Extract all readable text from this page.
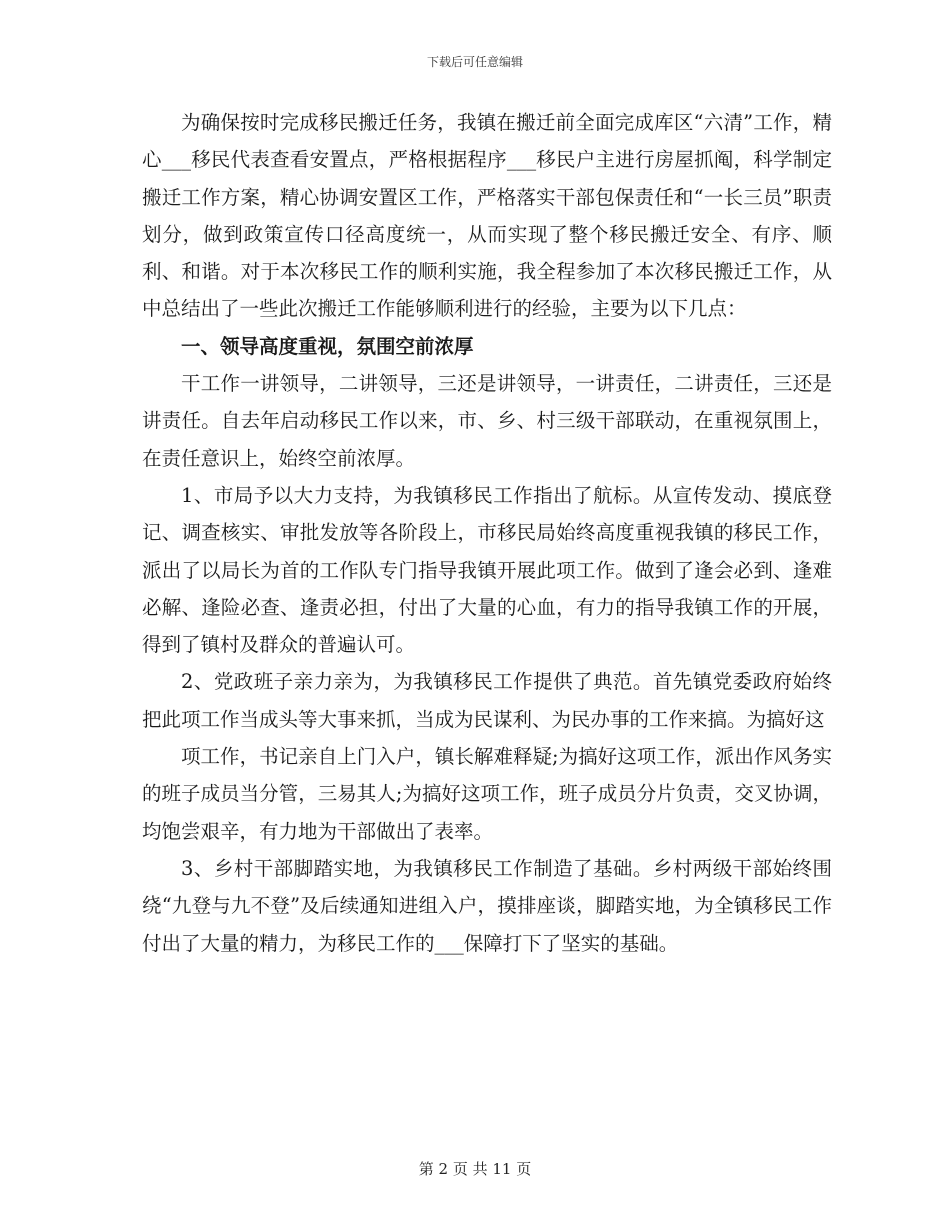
下载后可任意编辑

为确保按时完成移民搬迁任务，我镇在搬迁前全面完成库区“六清”工作，精心___移民代表查看安置点，严格根据程序___移民户主进行房屋抓阄，科学制定搬迁工作方案，精心协调安置区工作，严格落实干部包保责任和“一长三员”职责划分，做到政策宣传口径高度统一，从而实现了整个移民搬迁安全、有序、顺利、和谐。对于本次移民工作的顺利实施，我全程参加了本次移民搬迁工作，从中总结出了一些此次搬迁工作能够顺利进行的经验，主要为以下几点：

一、领导高度重视，氛围空前浓厚

干工作一讲领导，二讲领导，三还是讲领导，一讲责任，二讲责任，三还是讲责任。自去年启动移民工作以来，市、乡、村三级干部联动，在重视氛围上，在责任意识上，始终空前浓厚。

1、市局予以大力支持，为我镇移民工作指出了航标。从宣传发动、摸底登记、调查核实、审批发放等各阶段上，市移民局始终高度重视我镇的移民工作，派出了以局长为首的工作队专门指导我镇开展此项工作。做到了逢会必到、逢难必解、逢险必查、逢责必担，付出了大量的心血，有力的指导我镇工作的开展，得到了镇村及群众的普遍认可。

2、党政班子亲力亲为，为我镇移民工作提供了典范。首先镇党委政府始终把此项工作当成头等大事来抓，当成为民谋利、为民办事的工作来搞。为搞好这

项工作，书记亲自上门入户，镇长解难释疑;为搞好这项工作，派出作风务实的班子成员当分管，三易其人;为搞好这项工作，班子成员分片负责，交叉协调，均饱尝艰辛，有力地为干部做出了表率。

3、乡村干部脚踏实地，为我镇移民工作制造了基础。乡村两级干部始终围绕“九登与九不登”及后续通知进组入户，摸排座谈，脚踏实地，为全镇移民工作付出了大量的精力，为移民工作的___保障打下了坚实的基础。

第 2 页 共 11 页
